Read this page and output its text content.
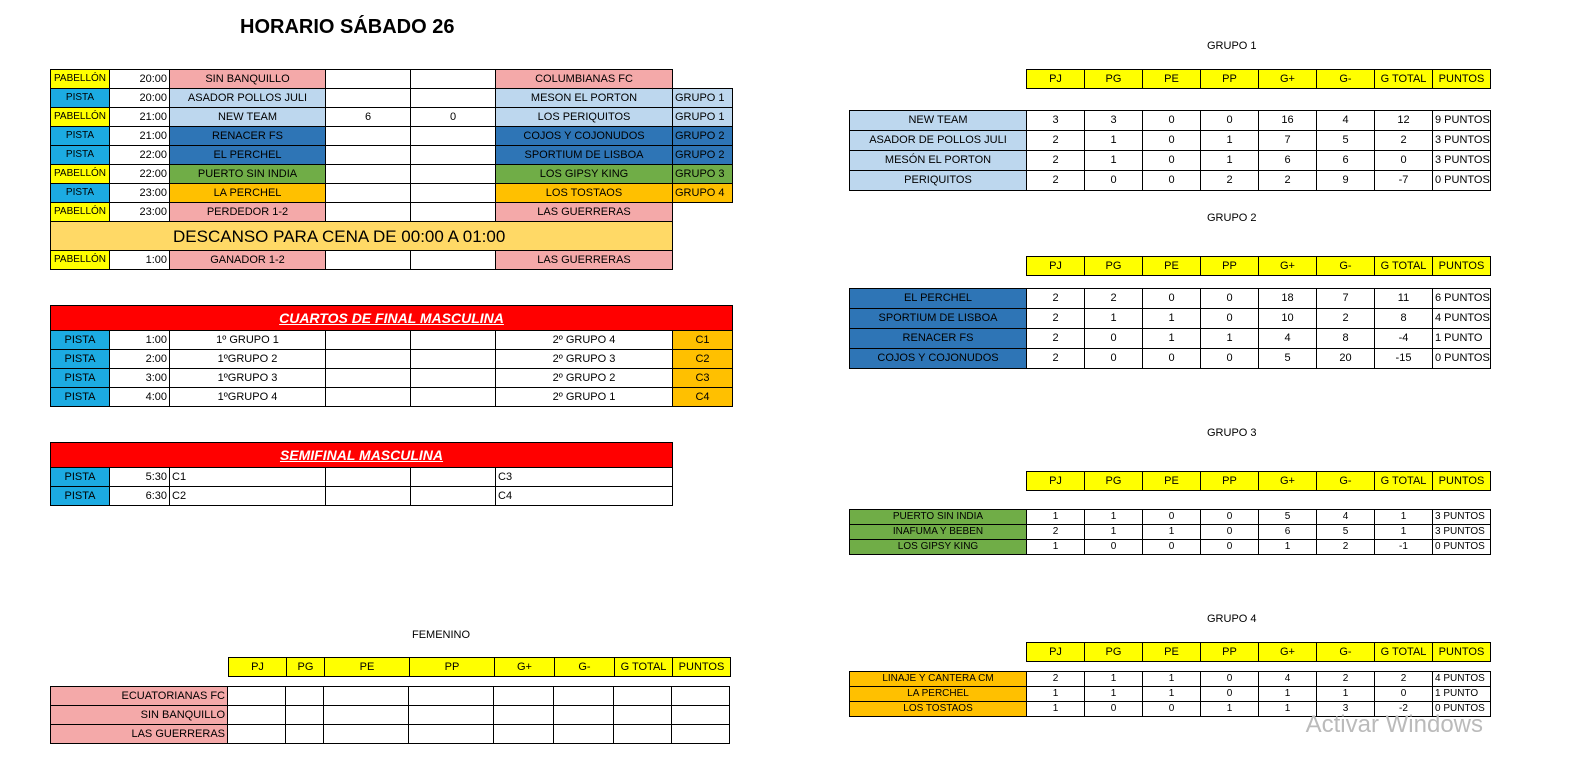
HORARIO SÁBADO 26
PABELLÓN	20:00	SIN BANQUILLO			COLUMBIANAS FC	
PISTA	20:00	ASADOR POLLOS JULI			MESON EL PORTON	GRUPO 1
PABELLÓN	21:00	NEW TEAM	6	0	LOS PERIQUITOS	GRUPO 1
PISTA	21:00	RENACER FS			COJOS Y COJONUDOS	GRUPO 2
PISTA	22:00	EL PERCHEL			SPORTIUM DE LISBOA	GRUPO 2
PABELLÓN	22:00	PUERTO SIN INDIA			LOS GIPSY KING	GRUPO 3
PISTA	23:00	LA PERCHEL			LOS TOSTAOS	GRUPO 4
PABELLÓN	23:00	PERDEDOR 1-2			LAS GUERRERAS	
DESCANSO PARA CENA DE 00:00 A 01:00						
PABELLÓN	1:00	GANADOR 1-2			LAS GUERRERAS	
CUARTOS DE FINAL MASCULINA						
PISTA	1:00	1º GRUPO 1			2º GRUPO 4	C1
PISTA	2:00	1ºGRUPO 2			2º GRUPO 3	C2
PISTA	3:00	1ºGRUPO 3			2º GRUPO 2	C3
PISTA	4:00	1ºGRUPO 4			2º GRUPO 1	C4
SEMIFINAL MASCULINA					
PISTA	5:30	C1			C3
PISTA	6:30	C2			C4
FEMENINO
PJ	PG	PE	PP	G+	G-	G TOTAL	PUNTOS
ECUATORIANAS FC								
SIN BANQUILLO								
LAS GUERRERAS								
GRUPO 1
PJ	PG	PE	PP	G+	G-	G TOTAL	PUNTOS
NEW TEAM	3	3	0	0	16	4	12	9 PUNTOS
ASADOR DE POLLOS JULI	2	1	0	1	7	5	2	3 PUNTOS
MESÓN EL PORTON	2	1	0	1	6	6	0	3 PUNTOS
PERIQUITOS	2	0	0	2	2	9	-7	0 PUNTOS
GRUPO 2
PJ	PG	PE	PP	G+	G-	G TOTAL	PUNTOS
EL PERCHEL	2	2	0	0	18	7	11	6 PUNTOS
SPORTIUM DE LISBOA	2	1	1	0	10	2	8	4 PUNTOS
RENACER FS	2	0	1	1	4	8	-4	1 PUNTO
COJOS Y COJONUDOS	2	0	0	0	5	20	-15	0 PUNTOS
GRUPO 3
PJ	PG	PE	PP	G+	G-	G TOTAL	PUNTOS
PUERTO SIN INDIA	1	1	0	0	5	4	1	3 PUNTOS
INAFUMA Y BEBEN	2	1	1	0	6	5	1	3 PUNTOS
LOS GIPSY KING	1	0	0	0	1	2	-1	0 PUNTOS
GRUPO 4
PJ	PG	PE	PP	G+	G-	G TOTAL	PUNTOS
LINAJE Y CANTERA CM	2	1	1	0	4	2	2	4 PUNTOS
LA PERCHEL	1	1	1	0	1	1	0	1 PUNTO
LOS TOSTAOS	1	0	0	1	1	3	-2	0 PUNTOS
Activar Windows
